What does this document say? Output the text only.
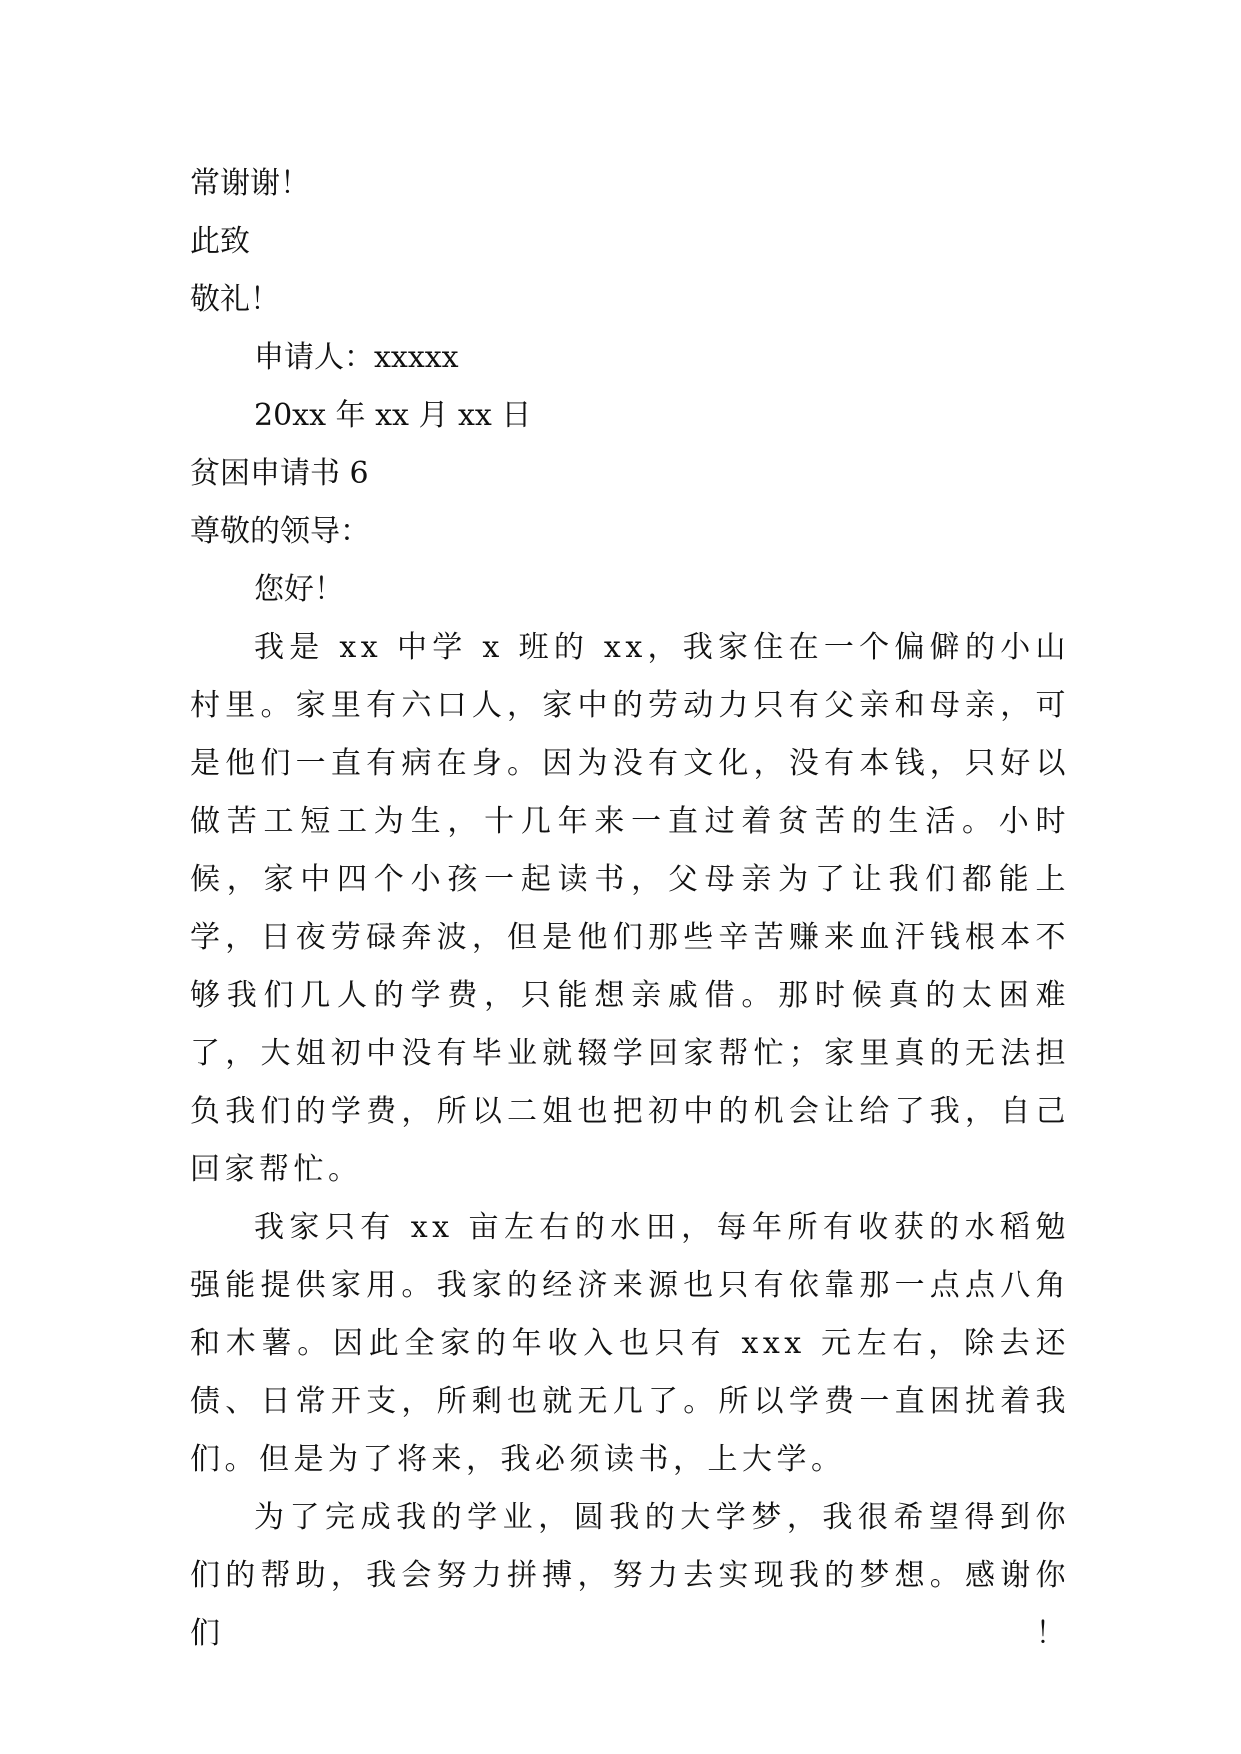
常谢谢！
此致
敬礼！
申请人：xxxxx
20xx 年 xx 月 xx 日
贫困申请书 6
尊敬的领导：
您好！

我是 xx 中学 x 班的 xx，我家住在一个偏僻的小山村里。家里有六口人，家中的劳动力只有父亲和母亲，可是他们一直有病在身。因为没有文化，没有本钱，只好以做苦工短工为生，十几年来一直过着贫苦的生活。小时候，家中四个小孩一起读书，父母亲为了让我们都能上学，日夜劳碌奔波，但是他们那些辛苦赚来血汗钱根本不够我们几人的学费，只能想亲戚借。那时候真的太困难了，大姐初中没有毕业就辍学回家帮忙；家里真的无法担负我们的学费，所以二姐也把初中的机会让给了我，自己回家帮忙。

我家只有 xx 亩左右的水田，每年所有收获的水稻勉强能提供家用。我家的经济来源也只有依靠那一点点八角和木薯。因此全家的年收入也只有 xxx 元左右，除去还债、日常开支，所剩也就无几了。所以学费一直困扰着我们。但是为了将来，我必须读书，上大学。

为了完成我的学业，圆我的大学梦，我很希望得到你们的帮助，我会努力拼搏，努力去实现我的梦想。感谢你们！
